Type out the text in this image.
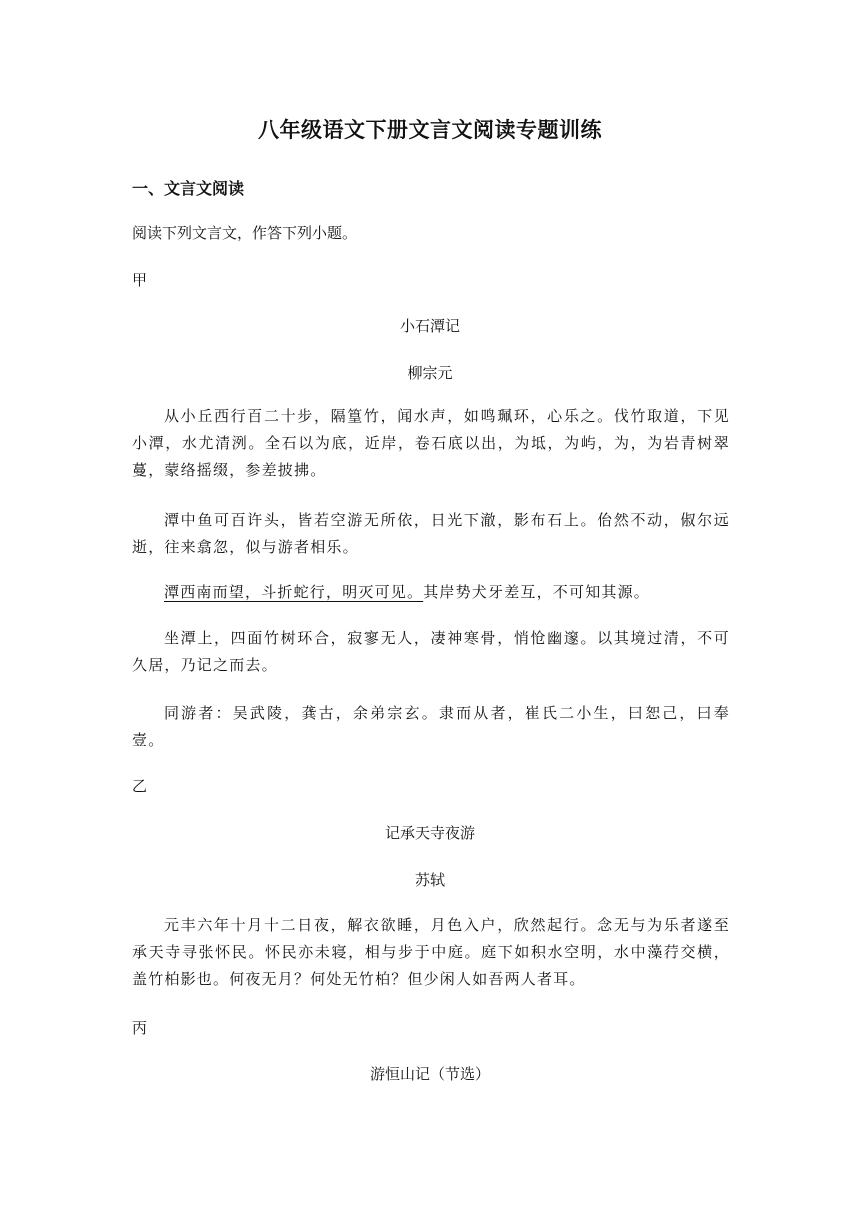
八年级语文下册文言文阅读专题训练
一、文言文阅读
阅读下列文言文，作答下列小题。
甲
小石潭记
柳宗元
从小丘西行百二十步，隔篁竹，闻水声，如鸣珮环，心乐之。伐竹取道，下见小潭，水尤清洌。全石以为底，近岸，卷石底以出，为坻，为屿，为，为岩青树翠蔓，蒙络摇缀，参差披拂。
潭中鱼可百许头，皆若空游无所依，日光下澈，影布石上。佁然不动，俶尔远逝，往来翕忽，似与游者相乐。
潭西南而望，斗折蛇行，明灭可见。其岸势犬牙差互，不可知其源。
坐潭上，四面竹树环合，寂寥无人，凄神寒骨，悄怆幽邃。以其境过清，不可久居，乃记之而去。
同游者：吴武陵，龚古，余弟宗玄。隶而从者，崔氏二小生，曰恕己，曰奉壹。
乙
记承天寺夜游
苏轼
元丰六年十月十二日夜，解衣欲睡，月色入户，欣然起行。念无与为乐者遂至承天寺寻张怀民。怀民亦未寝，相与步于中庭。庭下如积水空明，水中藻荇交横，盖竹柏影也。何夜无月？何处无竹柏？但少闲人如吾两人者耳。
丙
游恒山记（节选）
